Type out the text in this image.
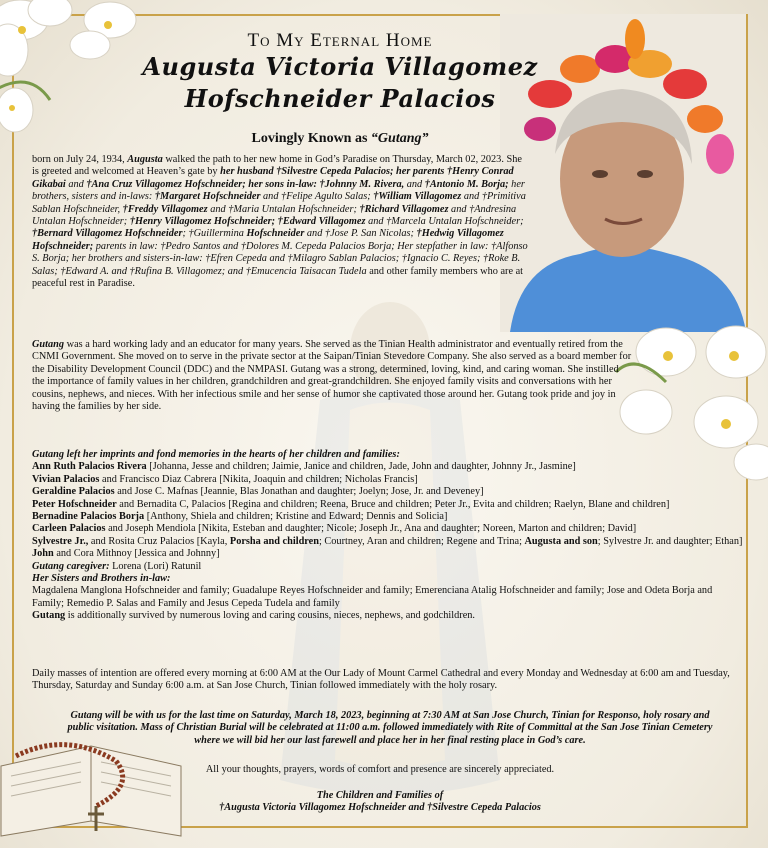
To My Eternal Home
Augusta Victoria Villagomez
Hofschneider Palacios
Lovingly Known as “Gutang”

born on July 24, 1934, Augusta walked the path to her new home in God’s Paradise on Thursday, March 02, 2023. She is greeted and welcomed at Heaven’s gate by her husband †Silvestre Cepeda Palacios; her parents †Henry Conrad Gikabai and †Ana Cruz Villagomez Hofschneider; her sons in-law: †Johnny M. Rivera, and †Antonio M. Borja; her brothers, sisters and in-laws: †Margaret Hofschneider and †Felipe Agulto Salas; †William Villagomez and †Primitiva Sablan Hofschneider, †Freddy Villagomez and †Maria Untalan Hofschneider; †Richard Villagomez and †Andresina Untalan Hofschneider; †Henry Villagomez Hofschneider; †Edward Villagomez and †Marcela Untalan Hofschneider; †Bernard Villagomez Hofschneider; †Guillermina Hofschneider and †Jose P. San Nicolas; †Hedwig Villagomez Hofschneider; parents in law: †Pedro Santos and †Dolores M. Cepeda Palacios Borja; Her stepfather in law: †Alfonso S. Borja; her brothers and sisters-in-law: †Efren Cepeda and †Milagro Sablan Palacios; †Ignacio C. Reyes; †Roke B. Salas; †Edward A. and †Rufina B. Villagomez; and †Emucencia Taisacan Tudela and other family members who are at peaceful rest in Paradise.

Gutang was a hard working lady and an educator for many years. She served as the Tinian Health administrator and eventually retired from the CNMI Government. She moved on to serve in the private sector at the Saipan/Tinian Stevedore Company. She also served as a board member for the Disability Development Council (DDC) and the NMPASI. Gutang was a strong, determined, loving, kind, and caring woman. She instilled the importance of family values in her children, grandchildren and great-grandchildren. She enjoyed family visits and conversations with her cousins, nephews, and nieces. With her infectious smile and her sense of humor she captivated those around her. Gutang took pride and joy in having the families by her side.

Gutang left her imprints and fond memories in the hearts of her children and families:

Ann Ruth Palacios Rivera [Johanna, Jesse and children; Jaimie, Janice and children, Jade, John and daughter, Johnny Jr., Jasmine]

Vivian Palacios and Francisco Diaz Cabrera [Nikita, Joaquin and children; Nicholas Francis]

Geraldine Palacios and Jose C. Mafnas [Jeannie, Blas Jonathan and daughter; Joelyn; Jose, Jr. and Deveney]

Peter Hofschneider and Bernadita C, Palacios [Regina and children; Reena, Bruce and children; Peter Jr., Evita and children; Raelyn, Blane and children]

Bernadine Palacios Borja [Anthony, Shiela and children; Kristine and Edward; Dennis and Solicia]

Carleen Palacios and Joseph Mendiola [Nikita, Esteban and daughter; Nicole; Joseph Jr., Ana and daughter; Noreen, Marton and children; David]

Sylvestre Jr., and Rosita Cruz Palacios [Kayla, Porsha and children; Courtney, Aran and children; Regene and Trina; Augusta and son; Sylvestre Jr. and daughter; Ethan]

John and Cora Mithnoy [Jessica and Johnny]

Gutang caregiver: Lorena (Lori) Ratunil

Her Sisters and Brothers in-law:

Magdalena Manglona Hofschneider and family; Guadalupe Reyes Hofschneider and family; Emerenciana Atalig Hofschneider and family; Jose and Odeta Borja and Family; Remedio P. Salas and Family and Jesus Cepeda Tudela and family

Gutang is additionally survived by numerous loving and caring cousins, nieces, nephews, and godchildren.

Daily masses of intention are offered every morning at 6:00 AM at the Our Lady of Mount Carmel Cathedral and every Monday and Wednesday at 6:00 am and Tuesday, Thursday, Saturday and Sunday 6:00 a.m. at San Jose Church, Tinian followed immediately with the holy rosary.

Gutang will be with us for the last time on Saturday, March 18, 2023, beginning at 7:30 AM at San Jose Church, Tinian for Responso, holy rosary and public visitation. Mass of Christian Burial will be celebrated at 11:00 a.m. followed immediately with Rite of Committal at the San Jose Tinian Cemetery where we will bid her our last farewell and place her in her final resting place in God’s care.

All your thoughts, prayers, words of comfort and presence are sincerely appreciated.

The Children and Families of

†Augusta Victoria Villagomez Hofschneider and †Silvestre Cepeda Palacios
